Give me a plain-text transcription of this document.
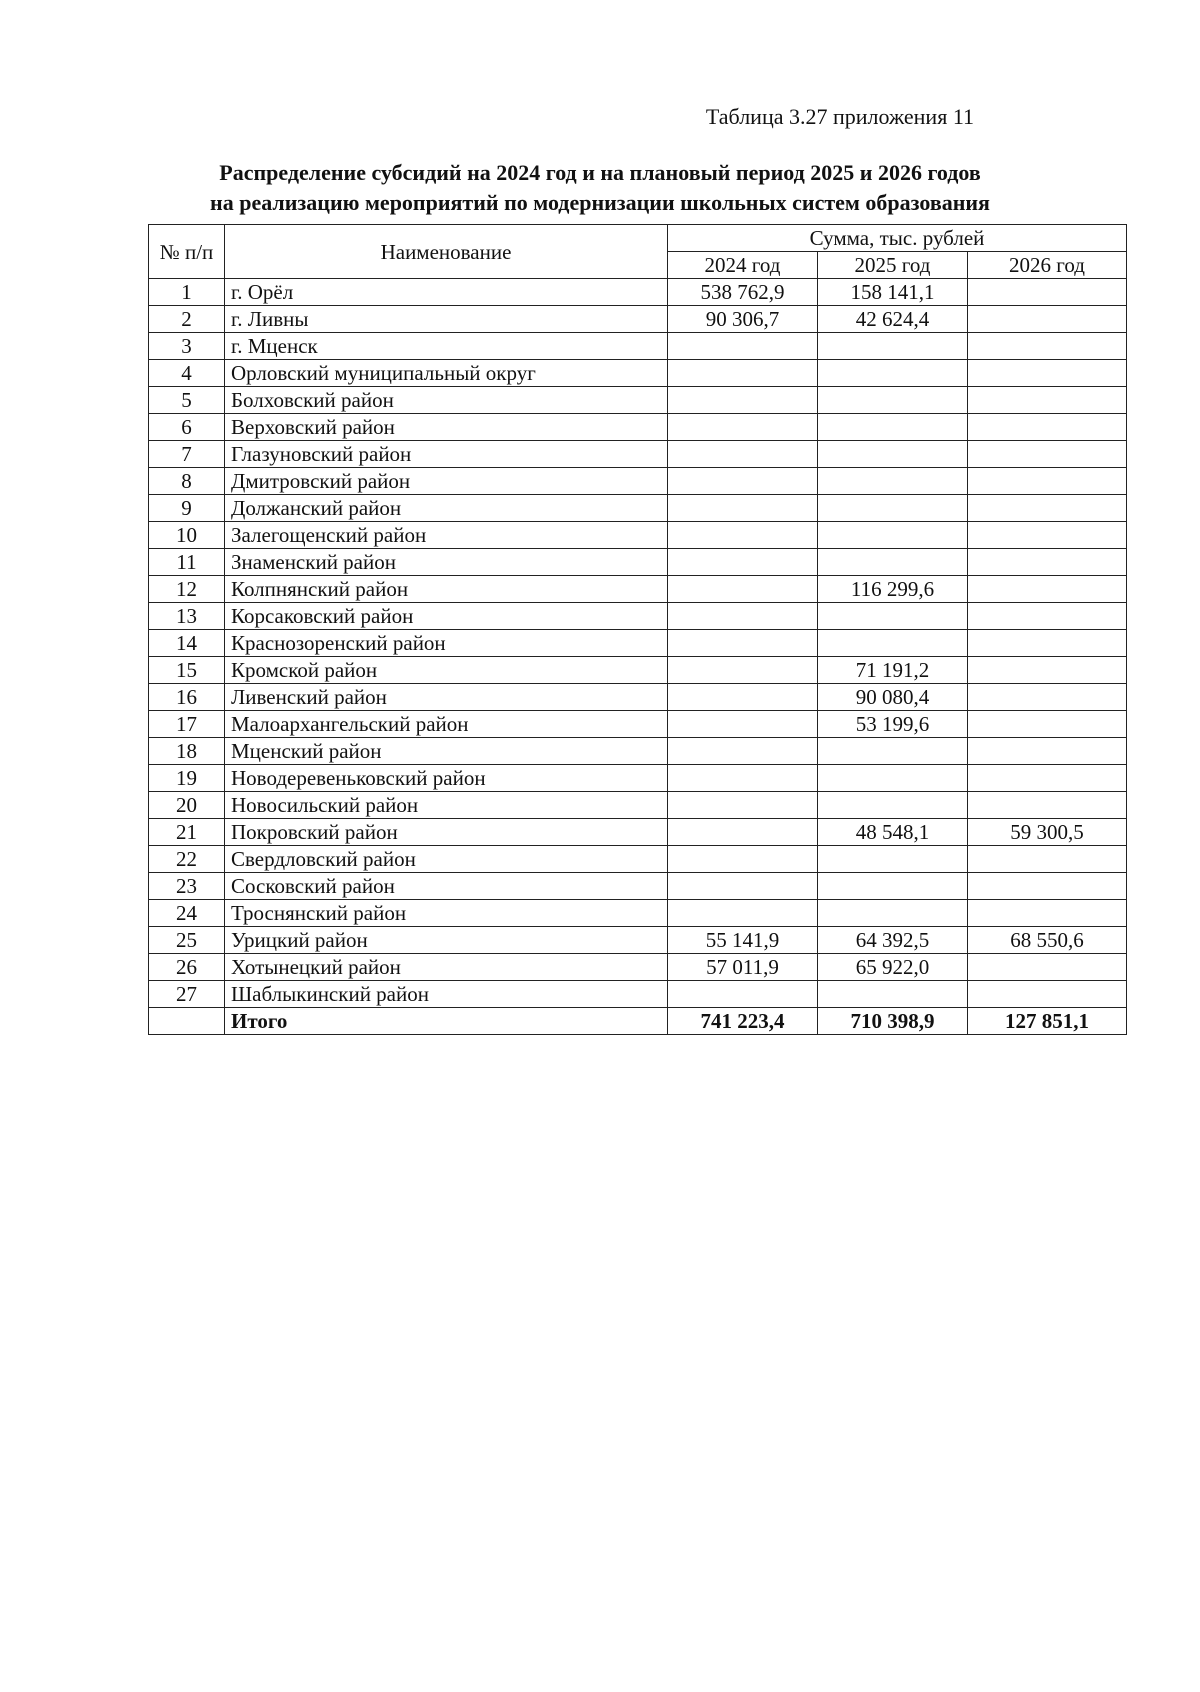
Таблица 3.27 приложения 11
Распределение субсидий на 2024 год и на плановый период 2025 и 2026 годов
на реализацию мероприятий по модернизации школьных систем образования
№ п/п	Наименование	Сумма, тыс. рублей		
		2024 год	2025 год	2026 год
1	г. Орёл	538 762,9	158 141,1	
2	г. Ливны	90 306,7	42 624,4	
3	г. Мценск			
4	Орловский муниципальный округ			
5	Болховский район			
6	Верховский район			
7	Глазуновский район			
8	Дмитровский район			
9	Должанский район			
10	Залегощенский район			
11	Знаменский район			
12	Колпнянский район		116 299,6	
13	Корсаковский район			
14	Краснозоренский район			
15	Кромской район		71 191,2	
16	Ливенский район		90 080,4	
17	Малоархангельский район		53 199,6	
18	Мценский район			
19	Новодеревеньковский район			
20	Новосильский район			
21	Покровский район		48 548,1	59 300,5
22	Свердловский район			
23	Сосковский район			
24	Троснянский район			
25	Урицкий район	55 141,9	64 392,5	68 550,6
26	Хотынецкий район	57 011,9	65 922,0	
27	Шаблыкинский район			
	Итого	741 223,4	710 398,9	127 851,1
